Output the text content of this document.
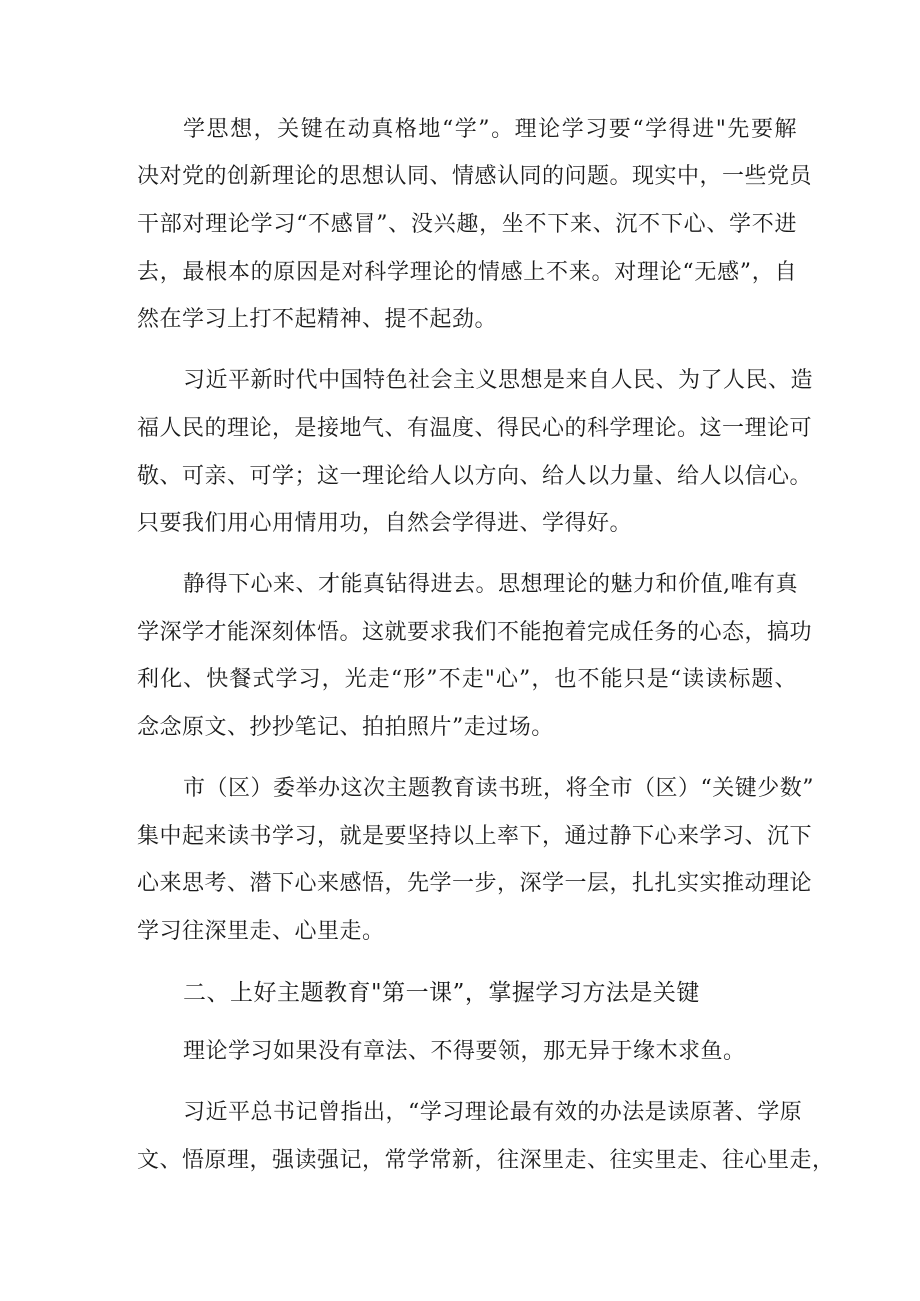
学思想，关键在动真格地“学”。理论学习要“学得进"先要解
决对党的创新理论的思想认同、情感认同的问题。现实中，一些党员
干部对理论学习“不感冒”、没兴趣，坐不下来、沉不下心、学不进
去，最根本的原因是对科学理论的情感上不来。对理论“无感”，自
然在学习上打不起精神、提不起劲。
习近平新时代中国特色社会主义思想是来自人民、为了人民、造
福人民的理论，是接地气、有温度、得民心的科学理论。这一理论可
敬、可亲、可学；这一理论给人以方向、给人以力量、给人以信心。
只要我们用心用情用功，自然会学得进、学得好。
静得下心来、才能真钻得进去。思想理论的魅力和价值,唯有真
学深学才能深刻体悟。这就要求我们不能抱着完成任务的心态，搞功
利化、快餐式学习，光走“形”不走"心”，也不能只是“读读标题、
念念原文、抄抄笔记、拍拍照片”走过场。
市（区）委举办这次主题教育读书班，将全市（区）“关键少数”
集中起来读书学习，就是要坚持以上率下，通过静下心来学习、沉下
心来思考、潜下心来感悟，先学一步，深学一层，扎扎实实推动理论
学习往深里走、心里走。
二、上好主题教育"第一课”，掌握学习方法是关键
理论学习如果没有章法、不得要领，那无异于缘木求鱼。
习近平总书记曾指出，“学习理论最有效的办法是读原著、学原
文、悟原理，强读强记，常学常新，往深里走、往实里走、往心里走，
